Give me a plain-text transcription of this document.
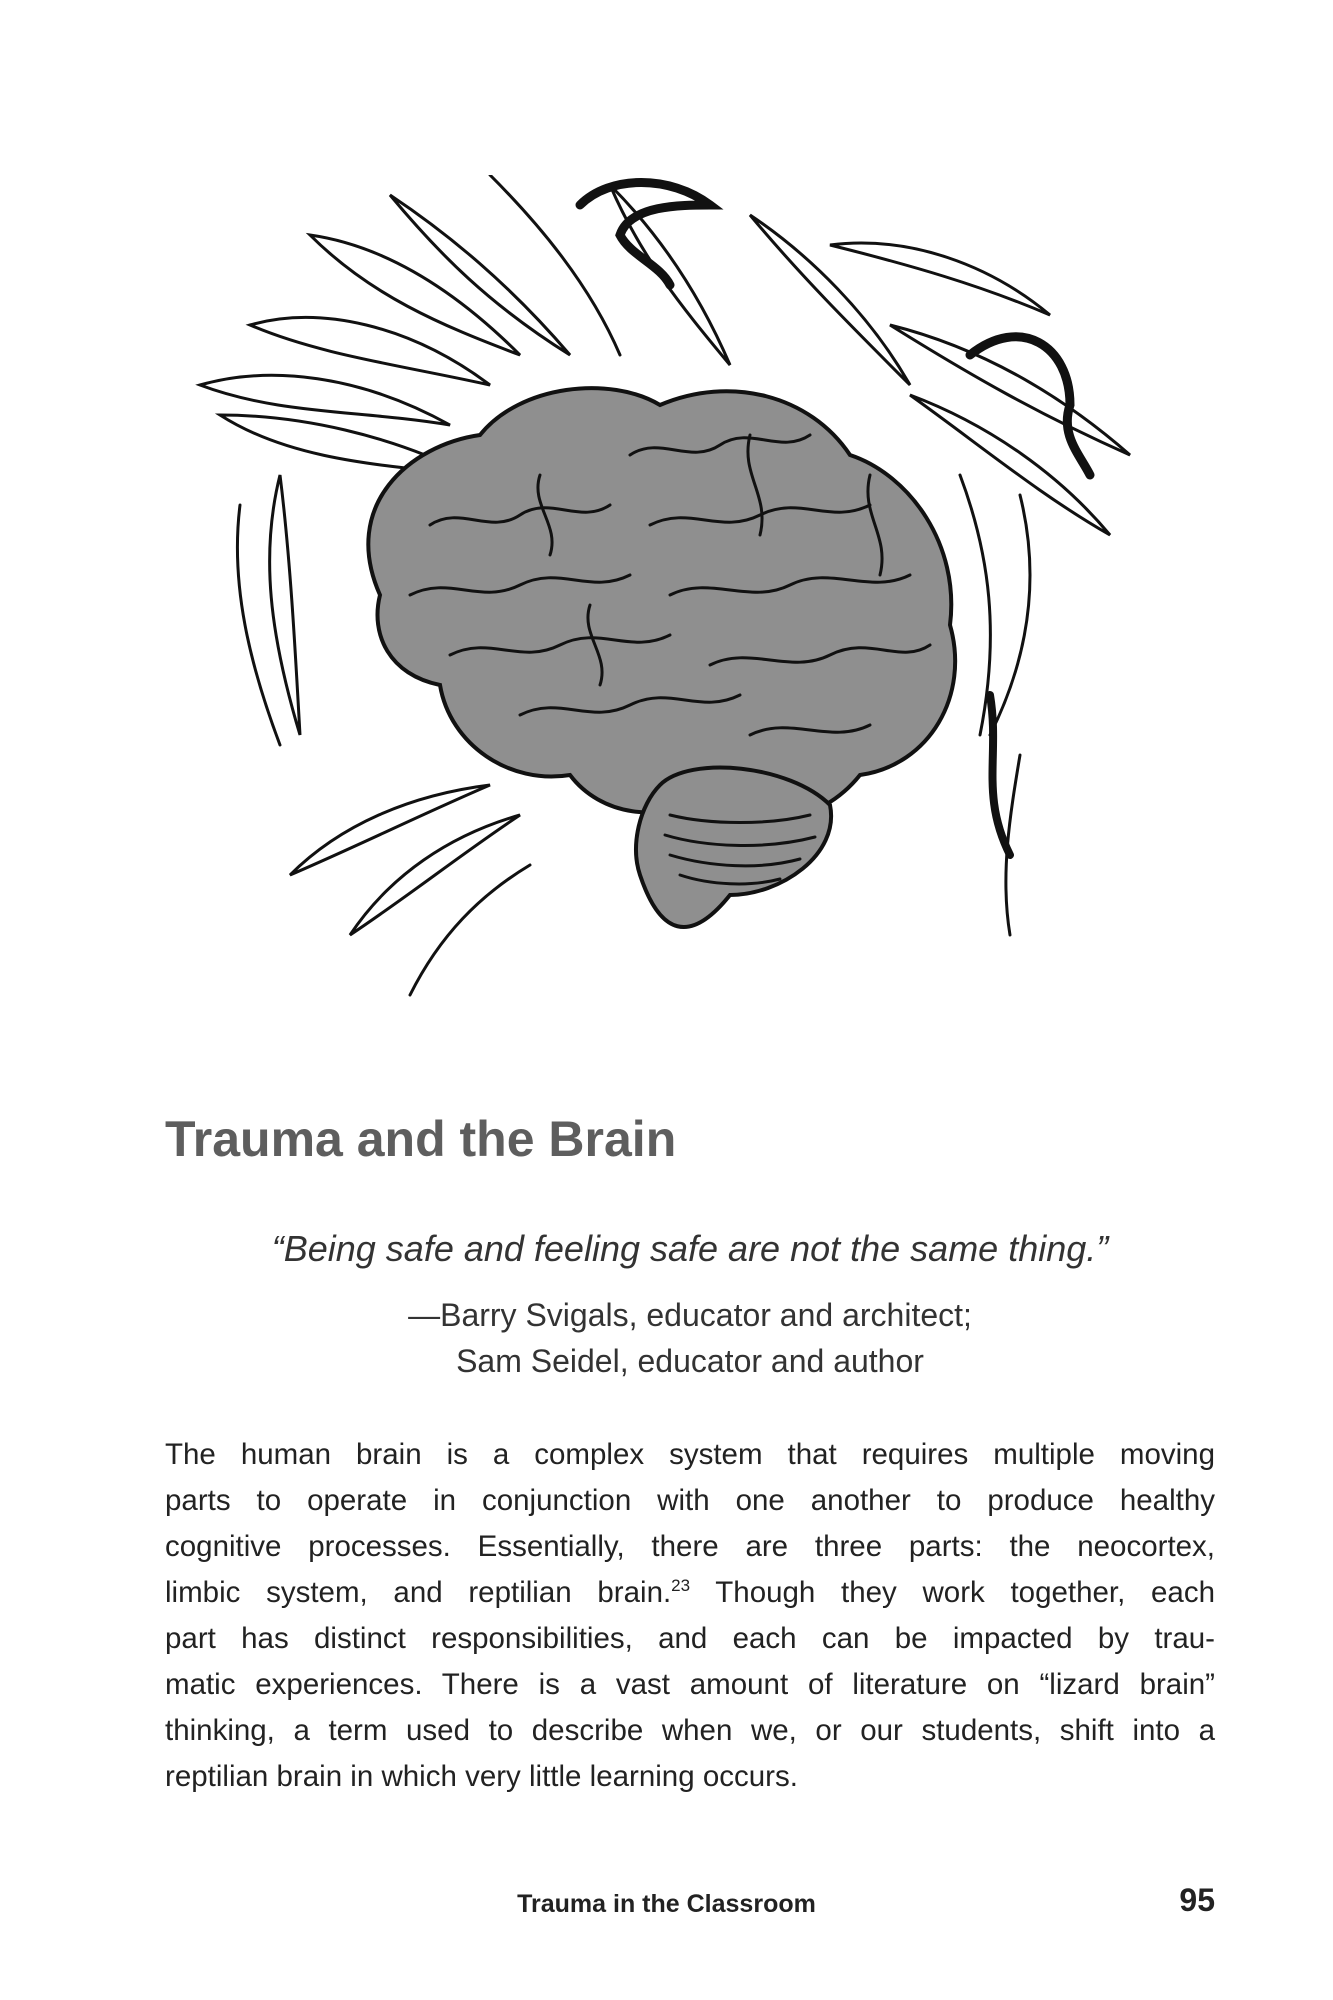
Trauma and the Brain

“Being safe and feeling safe are not the same thing.”

—Barry Svigals, educator and architect;
Sam Seidel, educator and author
The human brain is a complex system that requires multiple moving
parts to operate in conjunction with one another to produce healthy
cognitive processes. Essentially, there are three parts: the neocortex,
limbic system, and reptilian brain.$^{23}$ Though they work together, each
part has distinct responsibilities, and each can be impacted by trau-
matic experiences. There is a vast amount of literature on “lizard brain”
thinking, a term used to describe when we, or our students, shift into a
reptilian brain in which very little learning occurs.
Trauma in the Classroom	95
